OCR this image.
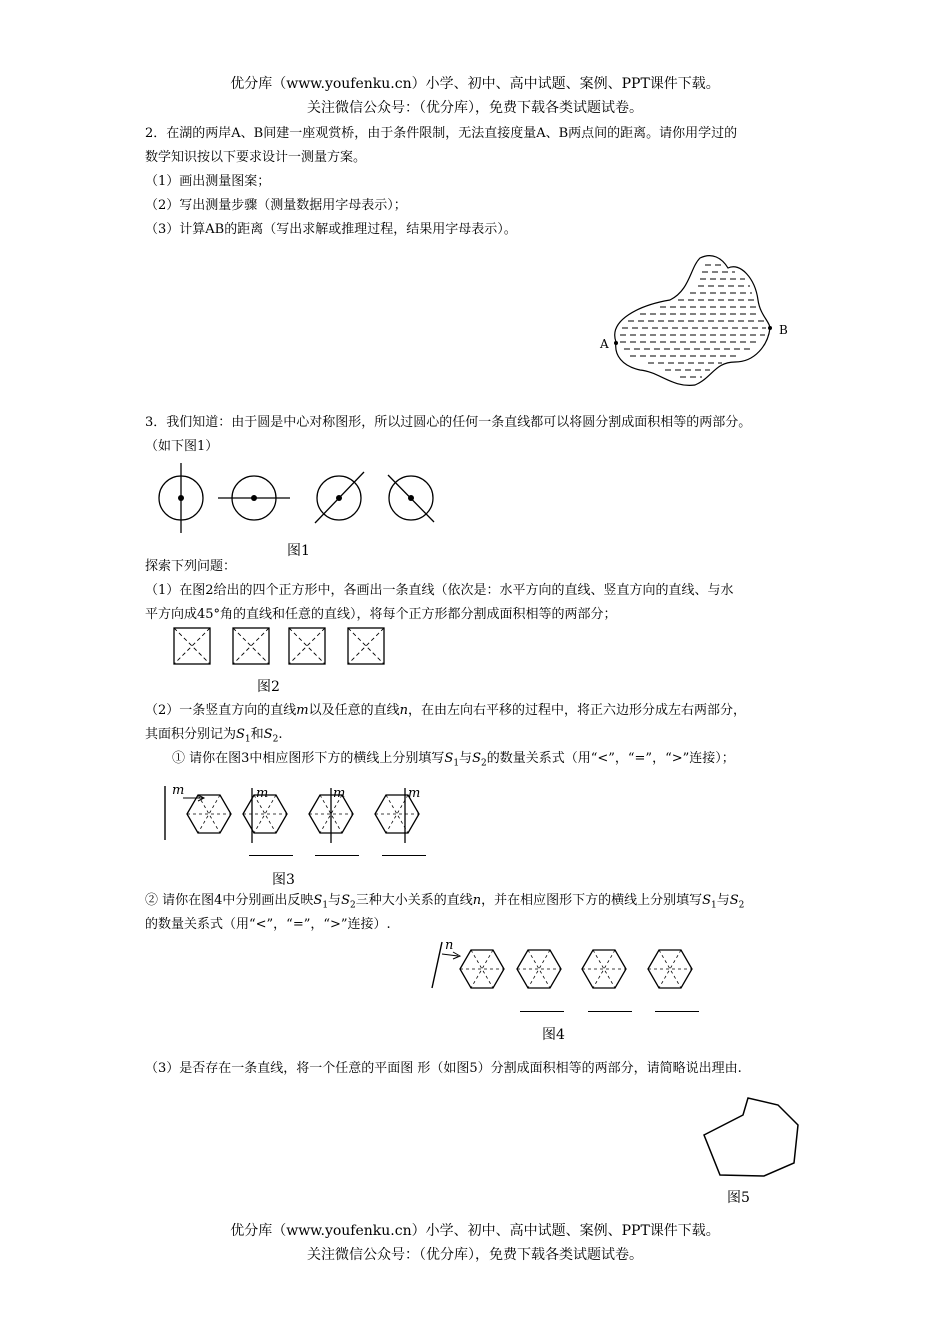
优分库（www.youfenku.cn）小学、初中、高中试题、案例、PPT课件下载。
关注微信公众号：（优分库），免费下载各类试题试卷。
2．在湖的两岸A、B间建一座观赏桥，由于条件限制，无法直接度量A、B两点间的距离。请你用学过的
数学知识按以下要求设计一测量方案。
（1）画出测量图案；
（2）写出测量步骤（测量数据用字母表示）；
（3）计算AB的距离（写出求解或推理过程，结果用字母表示）。
A
B
3．我们知道：由于圆是中心对称图形，所以过圆心的任何一条直线都可以将圆分割成面积相等的两部分。
（如下图1）
图1
探索下列问题：
（1）在图2给出的四个正方形中，各画出一条直线（依次是：水平方向的直线、竖直方向的直线、与水
平方向成45°角的直线和任意的直线），将每个正方形都分割成面积相等的两部分；
图2
（2）一条竖直方向的直线m以及任意的直线n，在由左向右平移的过程中，将正六边形分成左右两部分，
其面积分别记为$S_1$和$S_2$.
① 请你在图3中相应图形下方的横线上分别填写$S_1$与$S_2$的数量关系式（用“<”，“=”，“>”连接）；
m	m	m	m
图3
② 请你在图4中分别画出反映$S_1$与$S_2$三种大小关系的直线n，并在相应图形下方的横线上分别填写$S_1$与$S_2$
的数量关系式（用“<”，“=”，“>”连接）.
n
图4
（3）是否存在一条直线，将一个任意的平面图 形（如图5）分割成面积相等的两部分，请简略说出理由.
图5
优分库（www.youfenku.cn）小学、初中、高中试题、案例、PPT课件下载。
关注微信公众号：（优分库），免费下载各类试题试卷。
